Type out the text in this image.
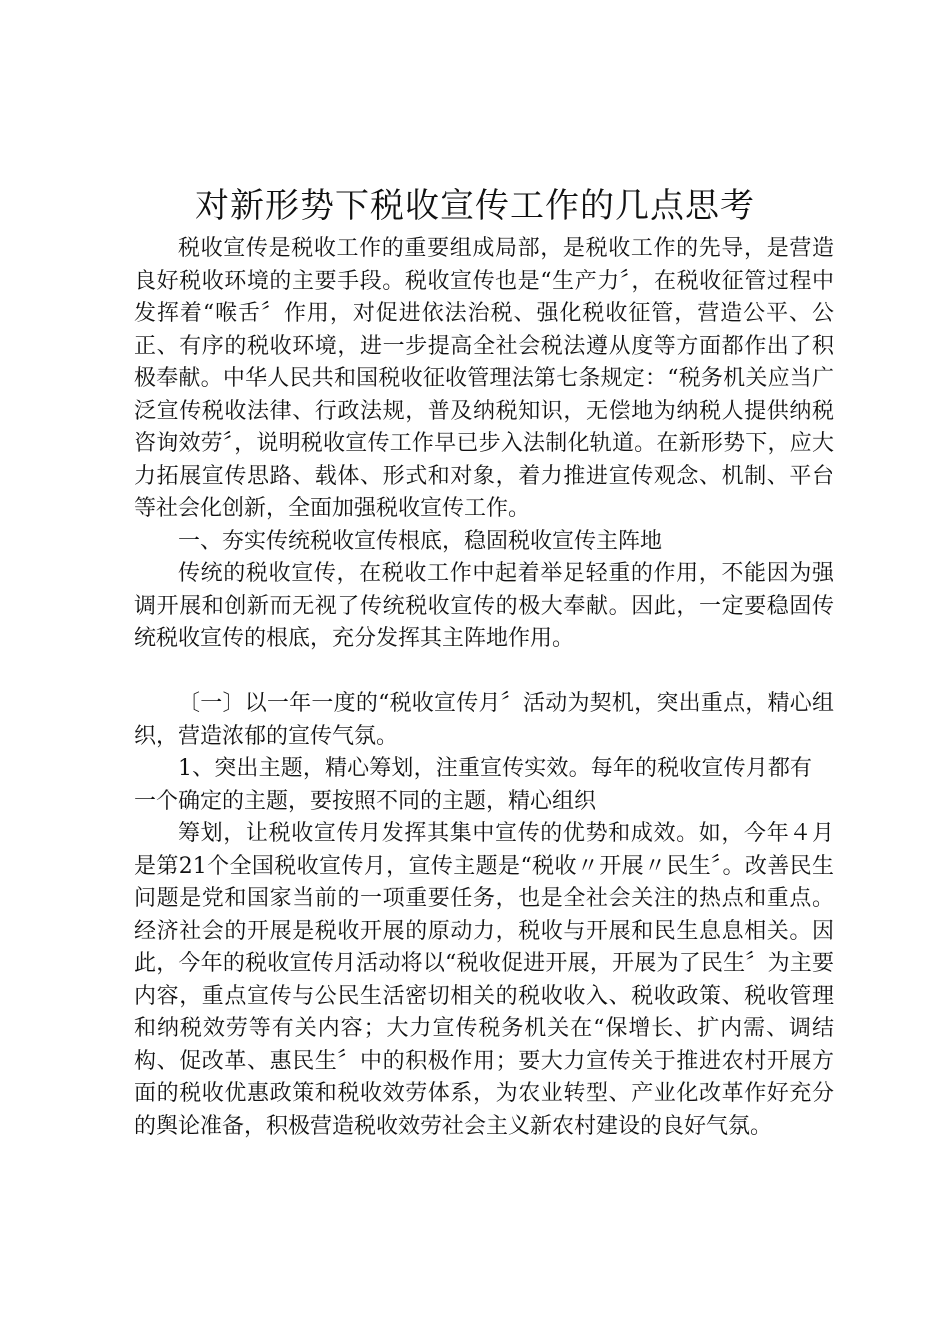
对新形势下税收宣传工作的几点思考

税收宣传是税收工作的重要组成局部，是税收工作的先导，是营造良好税收环境的主要手段。税收宣传也是“生产力〞，在税收征管过程中发挥着“喉舌〞作用，对促进依法治税、强化税收征管，营造公平、公正、有序的税收环境，进一步提高全社会税法遵从度等方面都作出了积极奉献。中华人民共和国税收征收管理法第七条规定：“税务机关应当广泛宣传税收法律、行政法规，普及纳税知识，无偿地为纳税人提供纳税咨询效劳〞，说明税收宣传工作早已步入法制化轨道。在新形势下，应大力拓展宣传思路、载体、形式和对象，着力推进宣传观念、机制、平台等社会化创新，全面加强税收宣传工作。

一、夯实传统税收宣传根底，稳固税收宣传主阵地

传统的税收宣传，在税收工作中起着举足轻重的作用，不能因为强调开展和创新而无视了传统税收宣传的极大奉献。因此，一定要稳固传统税收宣传的根底，充分发挥其主阵地作用。

〔一〕以一年一度的“税收宣传月〞活动为契机，突出重点，精心组织，营造浓郁的宣传气氛。

1、突出主题，精心筹划，注重宣传实效。每年的税收宣传月都有一个确定的主题，要按照不同的主题，精心组织

筹划，让税收宣传月发挥其集中宣传的优势和成效。如，今年４月是第21个全国税收宣传月，宣传主题是“税收〃开展〃民生〞。改善民生问题是党和国家当前的一项重要任务，也是全社会关注的热点和重点。经济社会的开展是税收开展的原动力，税收与开展和民生息息相关。因此，今年的税收宣传月活动将以“税收促进开展，开展为了民生〞为主要内容，重点宣传与公民生活密切相关的税收收入、税收政策、税收管理和纳税效劳等有关内容；大力宣传税务机关在“保增长、扩内需、调结构、促改革、惠民生〞中的积极作用；要大力宣传关于推进农村开展方面的税收优惠政策和税收效劳体系，为农业转型、产业化改革作好充分的舆论准备，积极营造税收效劳社会主义新农村建设的良好气氛。
